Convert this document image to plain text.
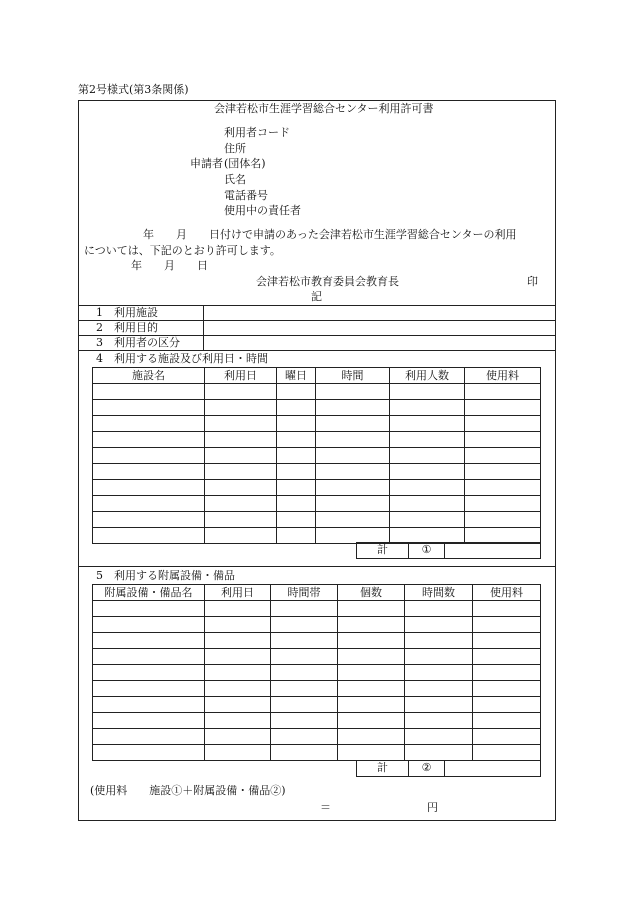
第2号様式(第3条関係)
会津若松市生涯学習総合センター利用許可書
利用者コード
住所
申請者 (団体名)
氏名
電話番号
使用中の責任者
年　　月　　日付けで申請のあった会津若松市生涯学習総合センターの利用
については、下記のとおり許可します。
年　　月　　日
会津若松市教育委員会教育長	印
記
1 利用施設
2 利用目的
3 利用者の区分
4　利用する施設及び利用日・時間
施設名	利用日	曜日	時間	利用人数	使用料

計	①
5　利用する附属設備・備品
附属設備・備品名	利用日	時間帯	個数	時間数	使用料

計	②
(使用料　　施設①＋附属設備・備品②)
＝	円
